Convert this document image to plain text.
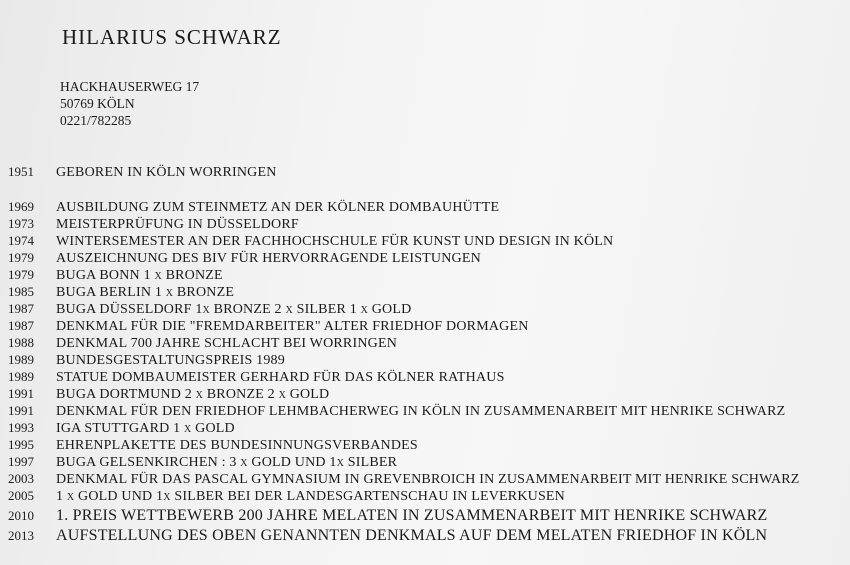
HILARIUS SCHWARZ
HACKHAUSERWEG 17
50769 KÖLN
0221/782285
1951 GEBOREN IN KÖLN WORRINGEN
1969 AUSBILDUNG ZUM STEINMETZ AN DER KÖLNER DOMBAUHÜTTE
1973 MEISTERPRÜFUNG IN DÜSSELDORF
1974 WINTERSEMESTER AN DER FACHHOCHSCHULE FÜR KUNST UND DESIGN IN KÖLN
1979 AUSZEICHNUNG DES BIV FÜR HERVORRAGENDE LEISTUNGEN
1979 BUGA BONN 1 x BRONZE
1985 BUGA BERLIN 1 x BRONZE
1987 BUGA DÜSSELDORF 1x BRONZE 2 x SILBER 1 x GOLD
1987 DENKMAL FÜR DIE "FREMDARBEITER" ALTER FRIEDHOF DORMAGEN
1988 DENKMAL 700 JAHRE SCHLACHT BEI WORRINGEN
1989 BUNDESGESTALTUNGSPREIS 1989
1989 STATUE DOMBAUMEISTER GERHARD FÜR DAS KÖLNER RATHAUS
1991 BUGA DORTMUND 2 x BRONZE 2 x GOLD
1991 DENKMAL FÜR DEN FRIEDHOF LEHMBACHERWEG IN KÖLN IN ZUSAMMENARBEIT MIT HENRIKE SCHWARZ
1993 IGA STUTTGARD 1 x GOLD
1995 EHRENPLAKETTE DES BUNDESINNUNGSVERBANDES
1997 BUGA GELSENKIRCHEN : 3 x GOLD UND 1x SILBER
2003 DENKMAL FÜR DAS PASCAL GYMNASIUM IN GREVENBROICH IN ZUSAMMENARBEIT MIT HENRIKE SCHWARZ
2005 1 x GOLD UND 1x SILBER BEI DER LANDESGARTENSCHAU IN LEVERKUSEN
2010 1. PREIS WETTBEWERB 200 JAHRE MELATEN IN ZUSAMMENARBEIT MIT HENRIKE SCHWARZ
2013 AUFSTELLUNG DES OBEN GENANNTEN DENKMALS AUF DEM MELATEN FRIEDHOF IN KÖLN
